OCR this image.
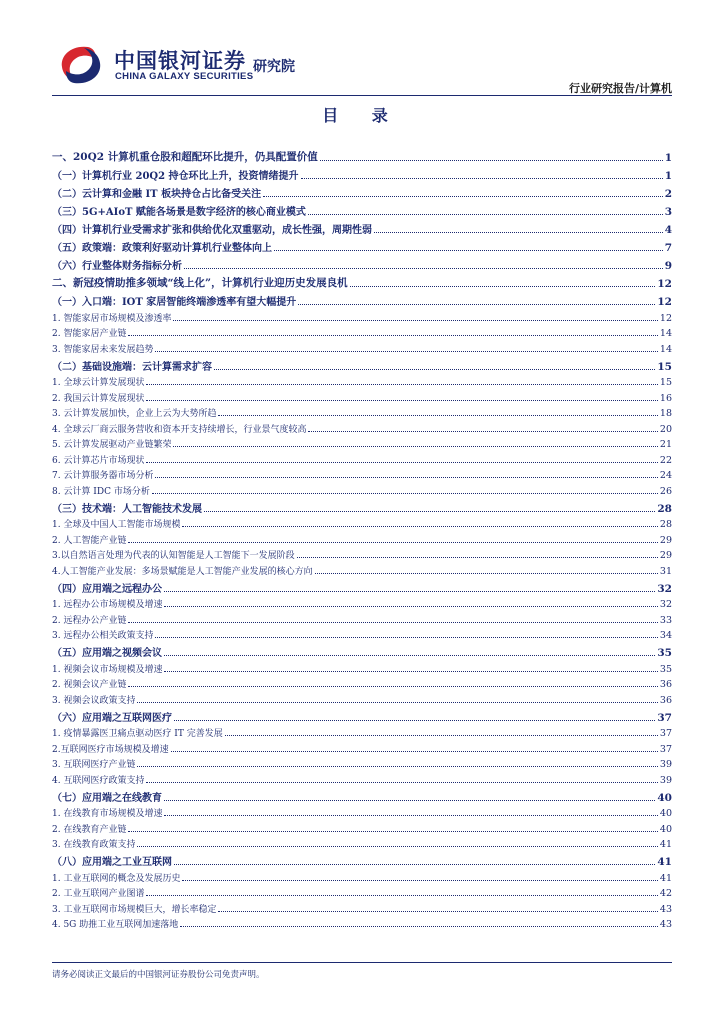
中国银河证券
CHINA GALAXY SECURITIES
研究院
行业研究报告/计算机
目 录
一、20Q2 计算机重仓股和超配环比提升，仍具配置价值	1
（一）计算机行业 20Q2 持仓环比上升，投资情绪提升	1
（二）云计算和金融 IT 板块持仓占比备受关注	2
（三）5G+AIoT 赋能各场景是数字经济的核心商业模式	3
（四）计算机行业受需求扩张和供给优化双重驱动，成长性强，周期性弱	4
（五）政策端：政策利好驱动计算机行业整体向上	7
（六）行业整体财务指标分析	9
二、新冠疫情助推多领域“线上化”，计算机行业迎历史发展良机	12
（一）入口端：IOT 家居智能终端渗透率有望大幅提升	12
1. 智能家居市场规模及渗透率	12
2. 智能家居产业链	14
3. 智能家居未来发展趋势	14
（二）基础设施端：云计算需求扩容	15
1. 全球云计算发展现状	15
2. 我国云计算发展现状	16
3. 云计算发展加快，企业上云为大势所趋	18
4. 全球云厂商云服务营收和资本开支持续增长，行业景气度较高	20
5. 云计算发展驱动产业链繁荣	21
6. 云计算芯片市场现状	22
7. 云计算服务器市场分析	24
8. 云计算 IDC 市场分析	26
（三）技术端：人工智能技术发展	28
1. 全球及中国人工智能市场规模	28
2. 人工智能产业链	29
3.以自然语言处理为代表的认知智能是人工智能下一发展阶段	29
4.人工智能产业发展：多场景赋能是人工智能产业发展的核心方向	31
（四）应用端之远程办公	32
1. 远程办公市场规模及增速	32
2. 远程办公产业链	33
3. 远程办公相关政策支持	34
（五）应用端之视频会议	35
1. 视频会议市场规模及增速	35
2. 视频会议产业链	36
3. 视频会议政策支持	36
（六）应用端之互联网医疗	37
1. 疫情暴露医卫痛点驱动医疗 IT 完善发展	37
2.互联网医疗市场规模及增速	37
3. 互联网医疗产业链	39
4. 互联网医疗政策支持	39
（七）应用端之在线教育	40
1. 在线教育市场规模及增速	40
2. 在线教育产业链	40
3. 在线教育政策支持	41
（八）应用端之工业互联网	41
1. 工业互联网的概念及发展历史	41
2. 工业互联网产业图谱	42
3. 工业互联网市场规模巨大，增长率稳定	43
4. 5G 助推工业互联网加速落地	43
请务必阅读正文最后的中国银河证券股份公司免责声明。
